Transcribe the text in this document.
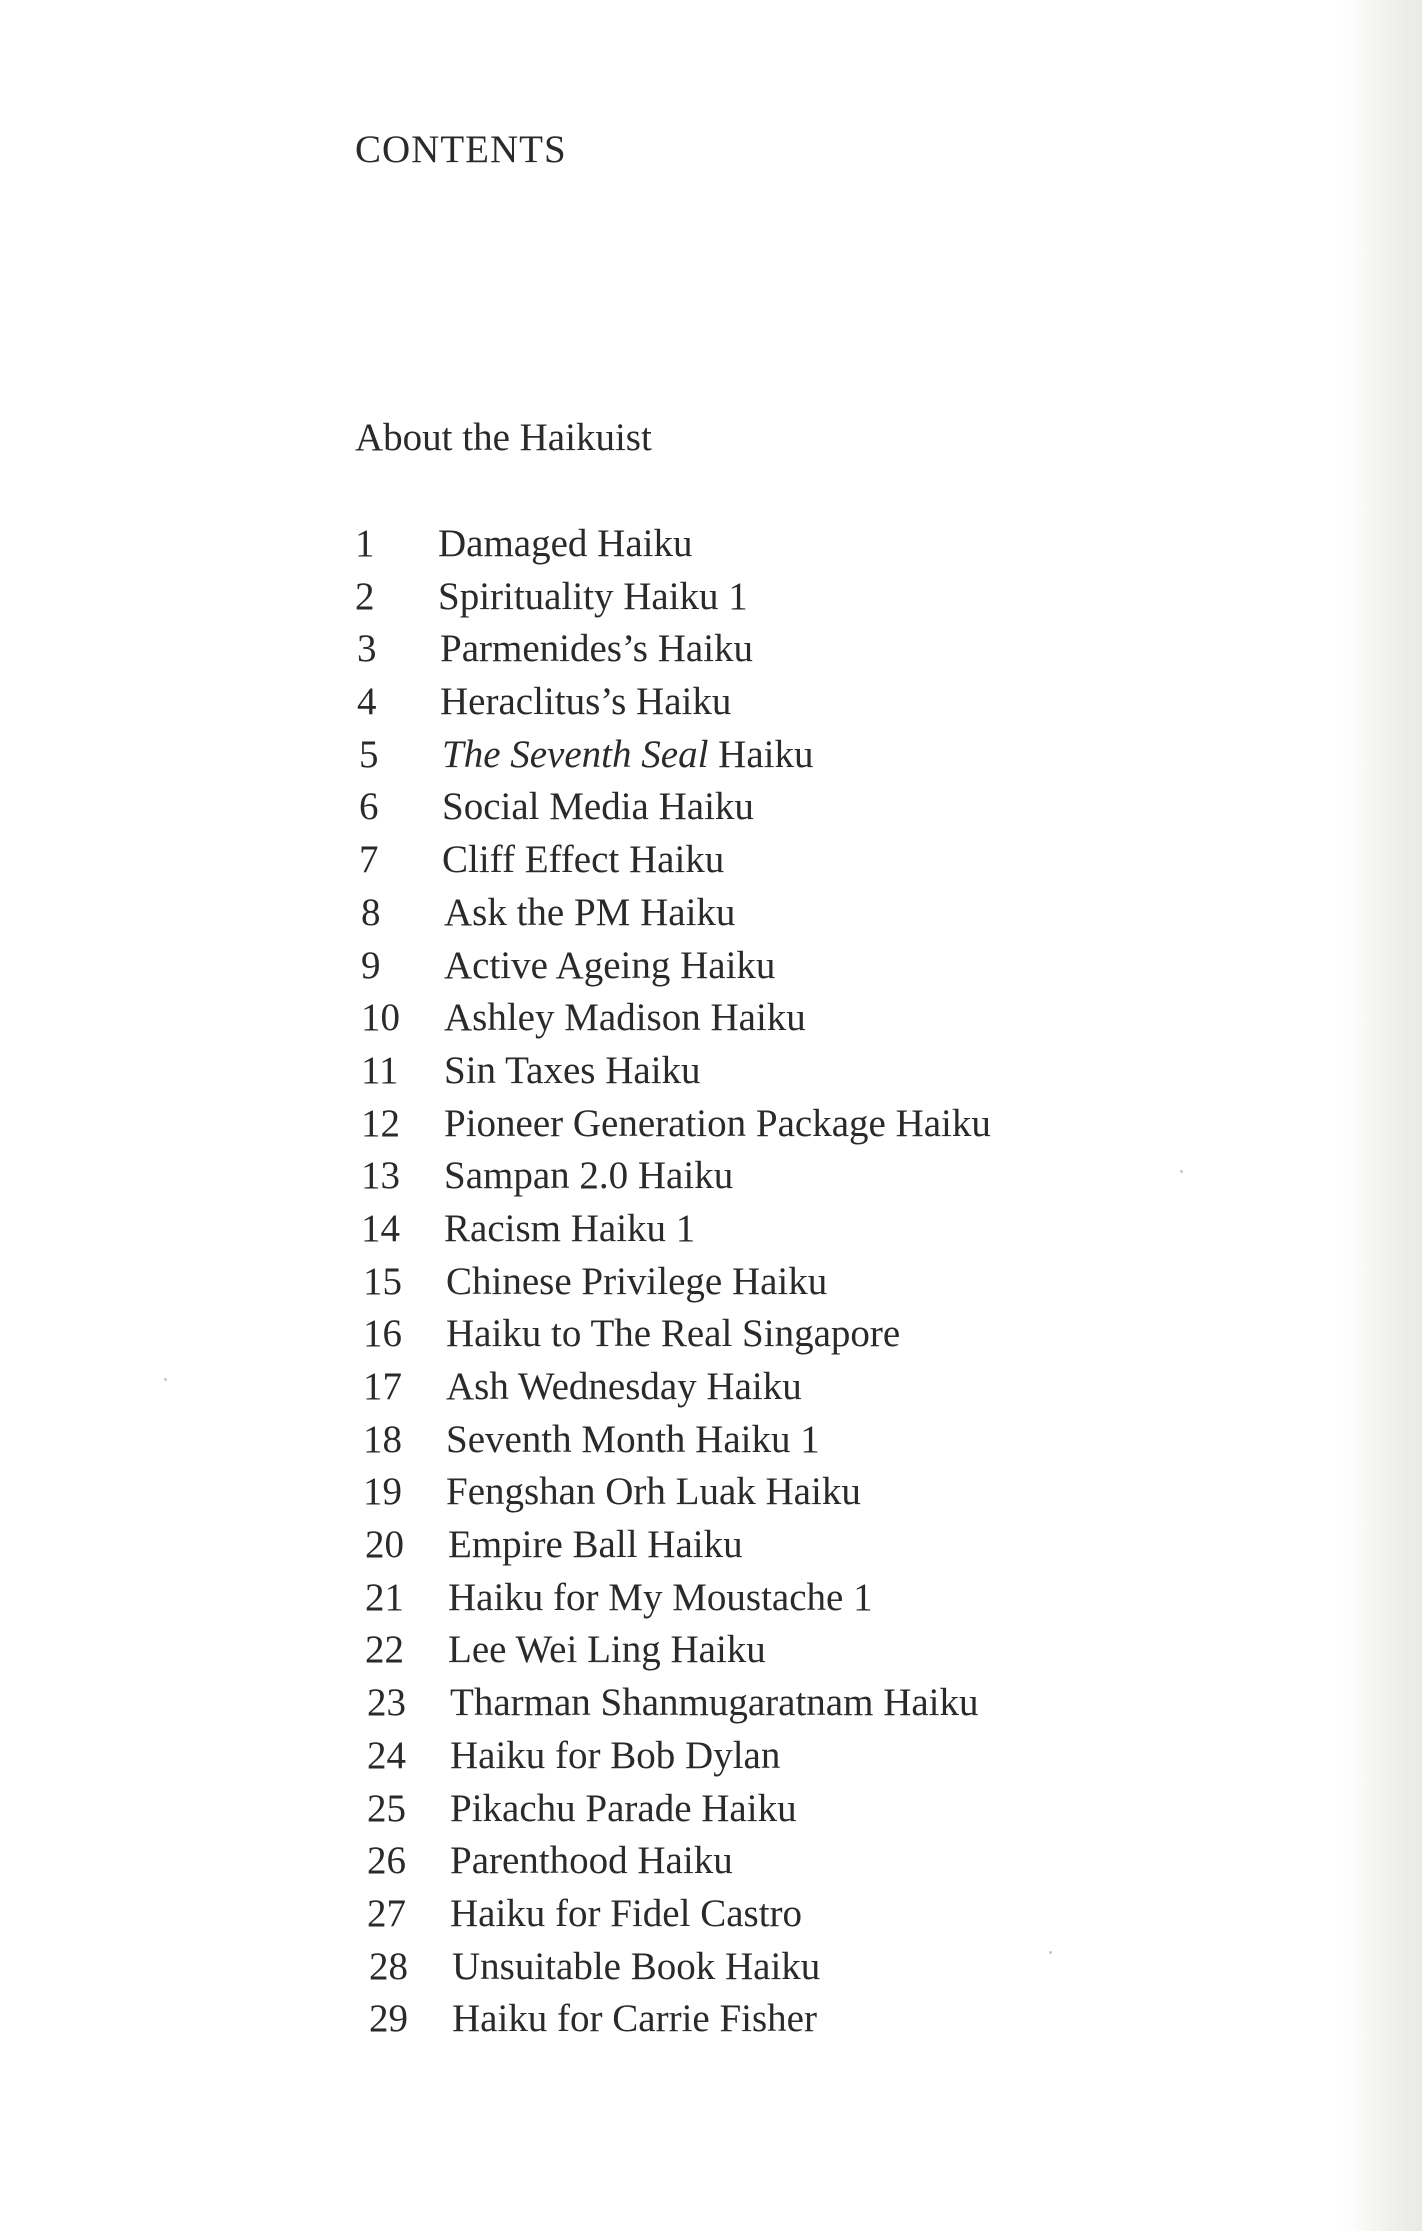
CONTENTS
About the Haikuist
1	Damaged Haiku
2	Spirituality Haiku 1
3	Parmenides’s Haiku
4	Heraclitus’s Haiku
5	The Seventh Seal Haiku
6	Social Media Haiku
7	Cliff Effect Haiku
8	Ask the PM Haiku
9	Active Ageing Haiku
10	Ashley Madison Haiku
11	Sin Taxes Haiku
12	Pioneer Generation Package Haiku
13	Sampan 2.0 Haiku
14	Racism Haiku 1
15	Chinese Privilege Haiku
16	Haiku to The Real Singapore
17	Ash Wednesday Haiku
18	Seventh Month Haiku 1
19	Fengshan Orh Luak Haiku
20	Empire Ball Haiku
21	Haiku for My Moustache 1
22	Lee Wei Ling Haiku
23	Tharman Shanmugaratnam Haiku
24	Haiku for Bob Dylan
25	Pikachu Parade Haiku
26	Parenthood Haiku
27	Haiku for Fidel Castro
28	Unsuitable Book Haiku
29	Haiku for Carrie Fisher
